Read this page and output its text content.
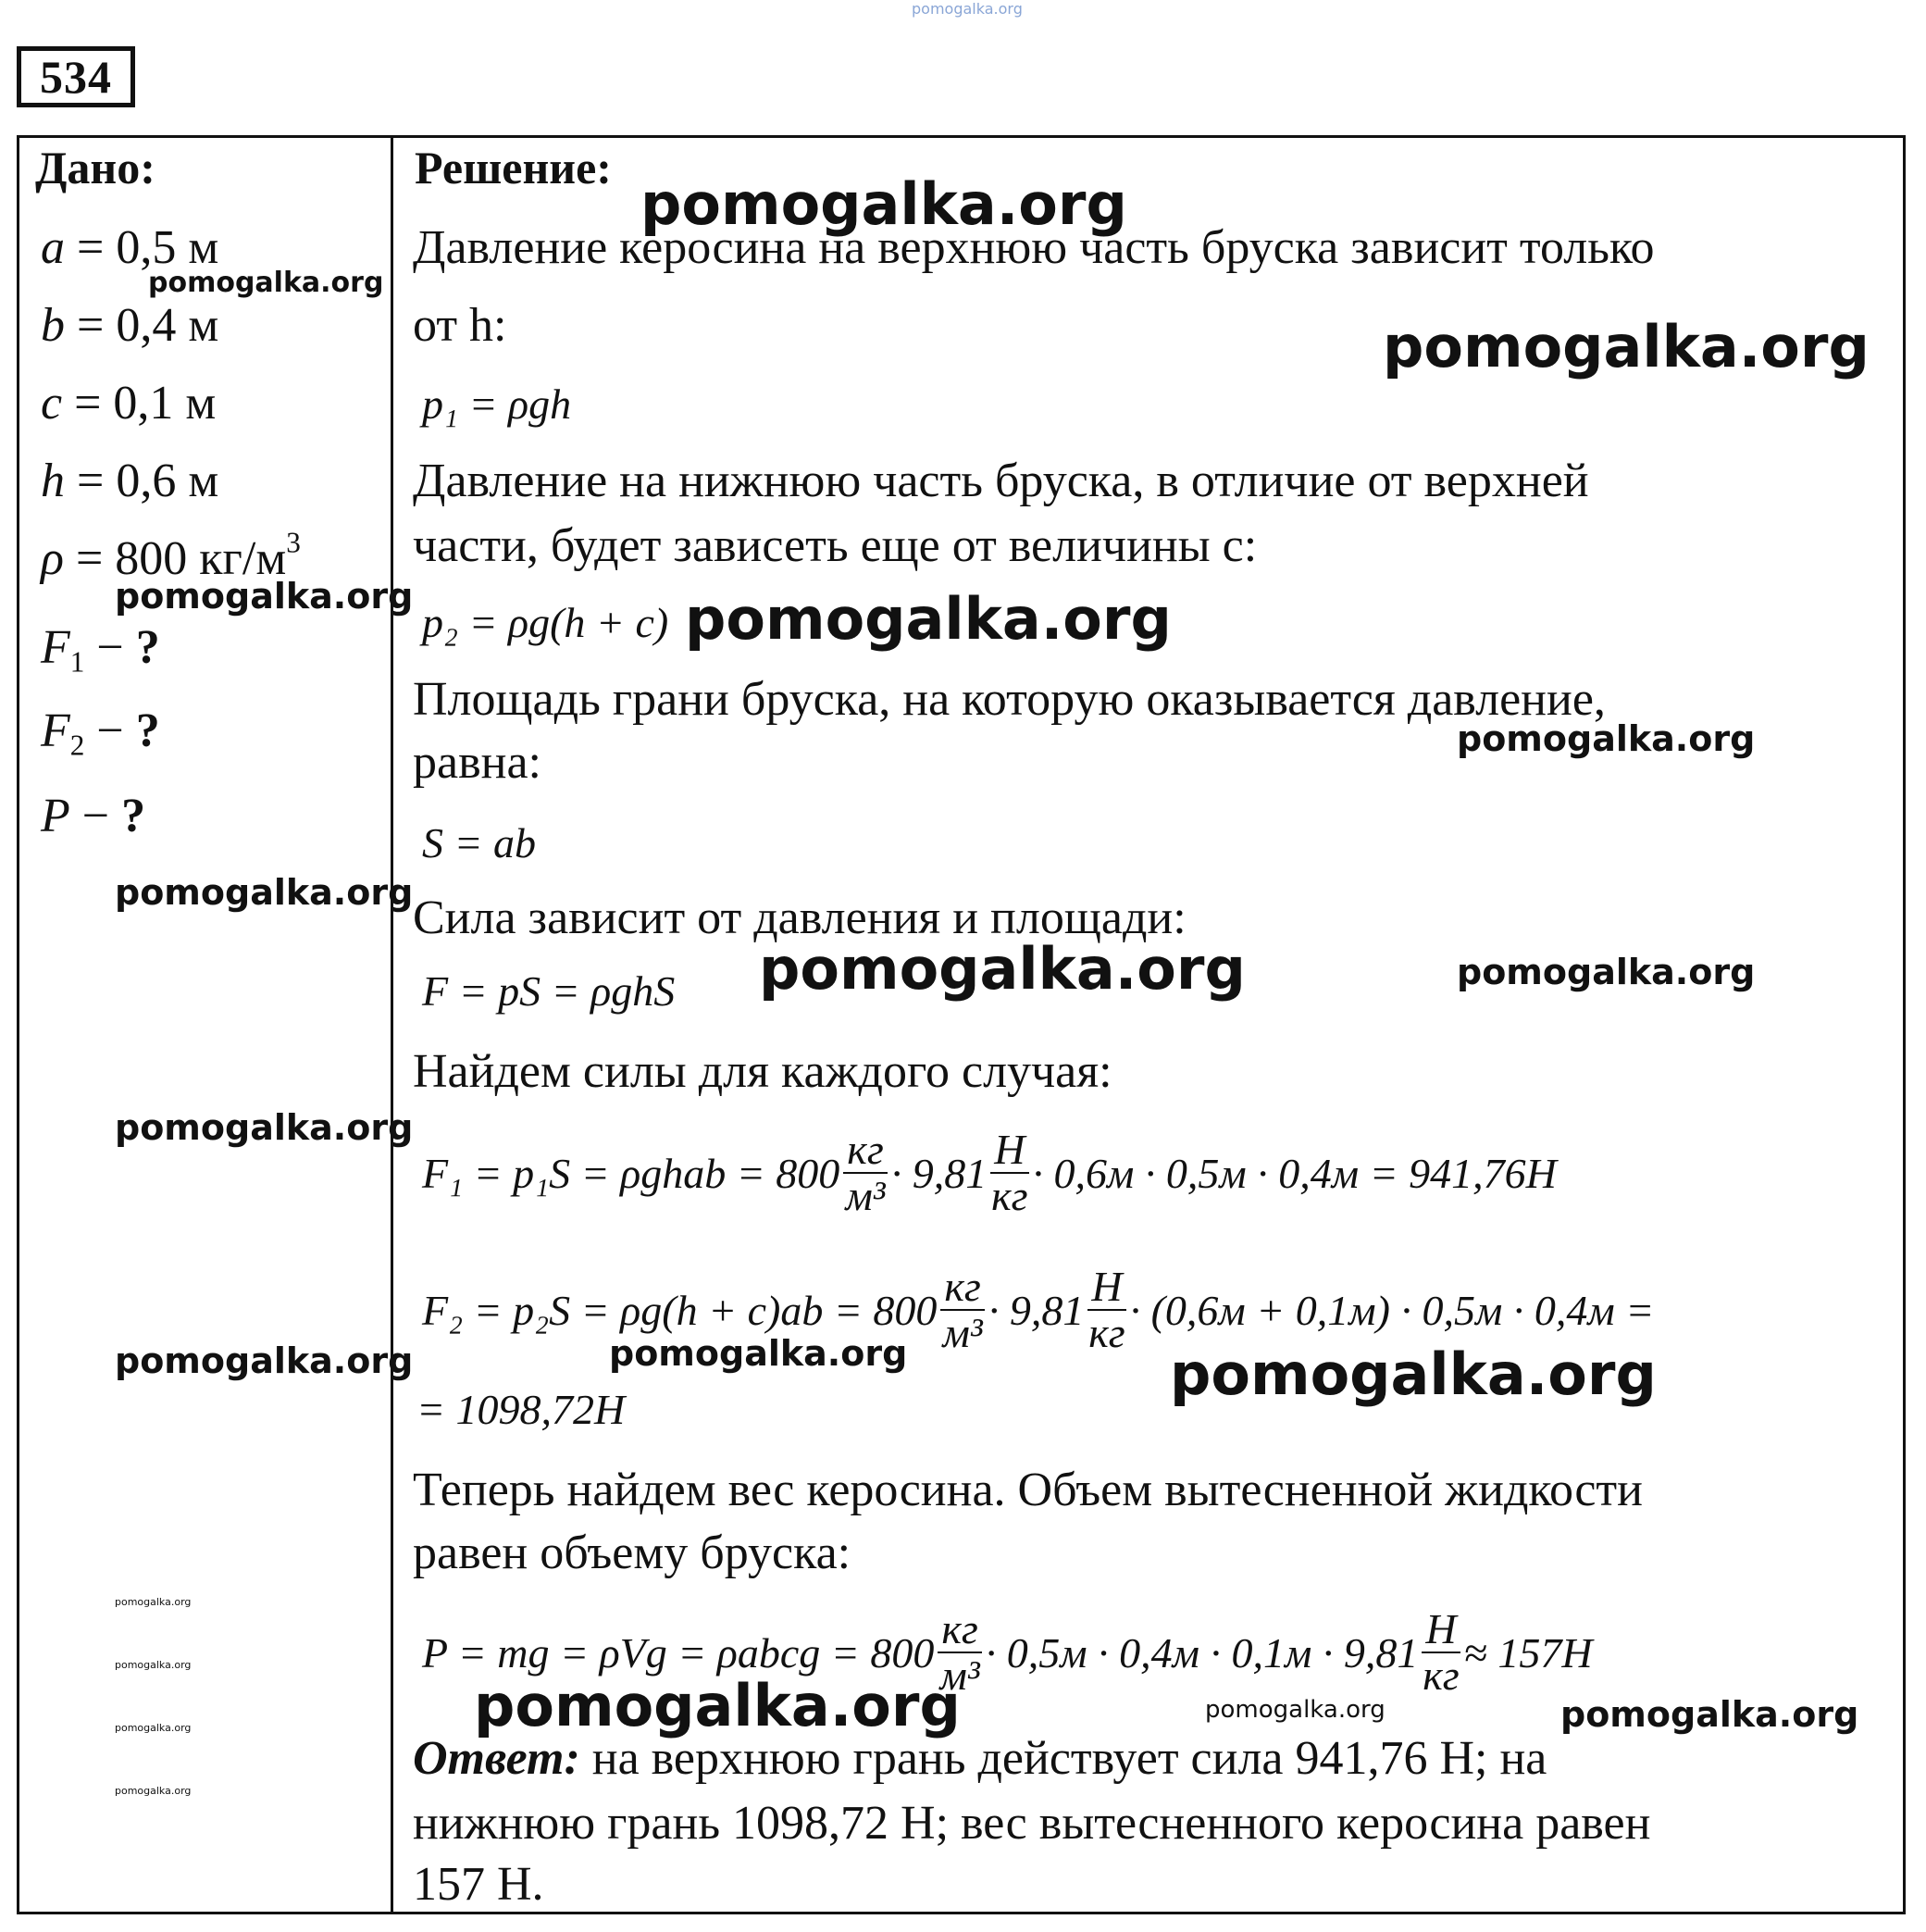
pomogalka.org
534
Дано:	Решение:
a = 0,5 м
b = 0,4 м
c = 0,1 м
h = 0,6 м
ρ = 800 $кг/м^3$
$F_1$ − ?
$F_2$ − ?
P − ?
Давление керосина на верхнюю часть бруска зависит только
от h:
p₁ = ρgh
Давление на нижнюю часть бруска, в отличие от верхней
части, будет зависеть еще от величины с:
p₂ = ρg(h + c)
Площадь грани бруска, на которую оказывается давление,
равна:
S = ab
Сила зависит от давления и площади:
F = pS = ρghS
Найдем силы для каждого случая:
F₁ = p₁S = ρghab = 800
кг
м³ · 9,81
Н
кг · 0,6м · 0,5м · 0,4м = 941,76Н
F₂ = p₂S = ρg(h + c)ab = 800
кг
м³ · 9,81
Н
кг · (0,6м + 0,1м) · 0,5м · 0,4м =
= 1098,72Н
Теперь найдем вес керосина. Объем вытесненной жидкости
равен объему бруска:
P = mg = ρVg = ρabcg = 800
кг
м³ · 0,5м · 0,4м · 0,1м · 9,81
Н
кг ≈ 157Н
Ответ: на верхнюю грань действует сила 941,76 Н; на
нижнюю грань 1098,72 Н; вес вытесненного керосина равен
157 Н.
pomogalka.org
pomogalka.org
pomogalka.org
pomogalka.org	pomogalka.org
pomogalka.org
pomogalka.org
pomogalka.org	pomogalka.org
pomogalka.org
pomogalka.org	pomogalka.org	pomogalka.org
pomogalka.org
pomogalka.org
pomogalka.org
pomogalka.org
pomogalka.org	pomogalka.org	pomogalka.org
